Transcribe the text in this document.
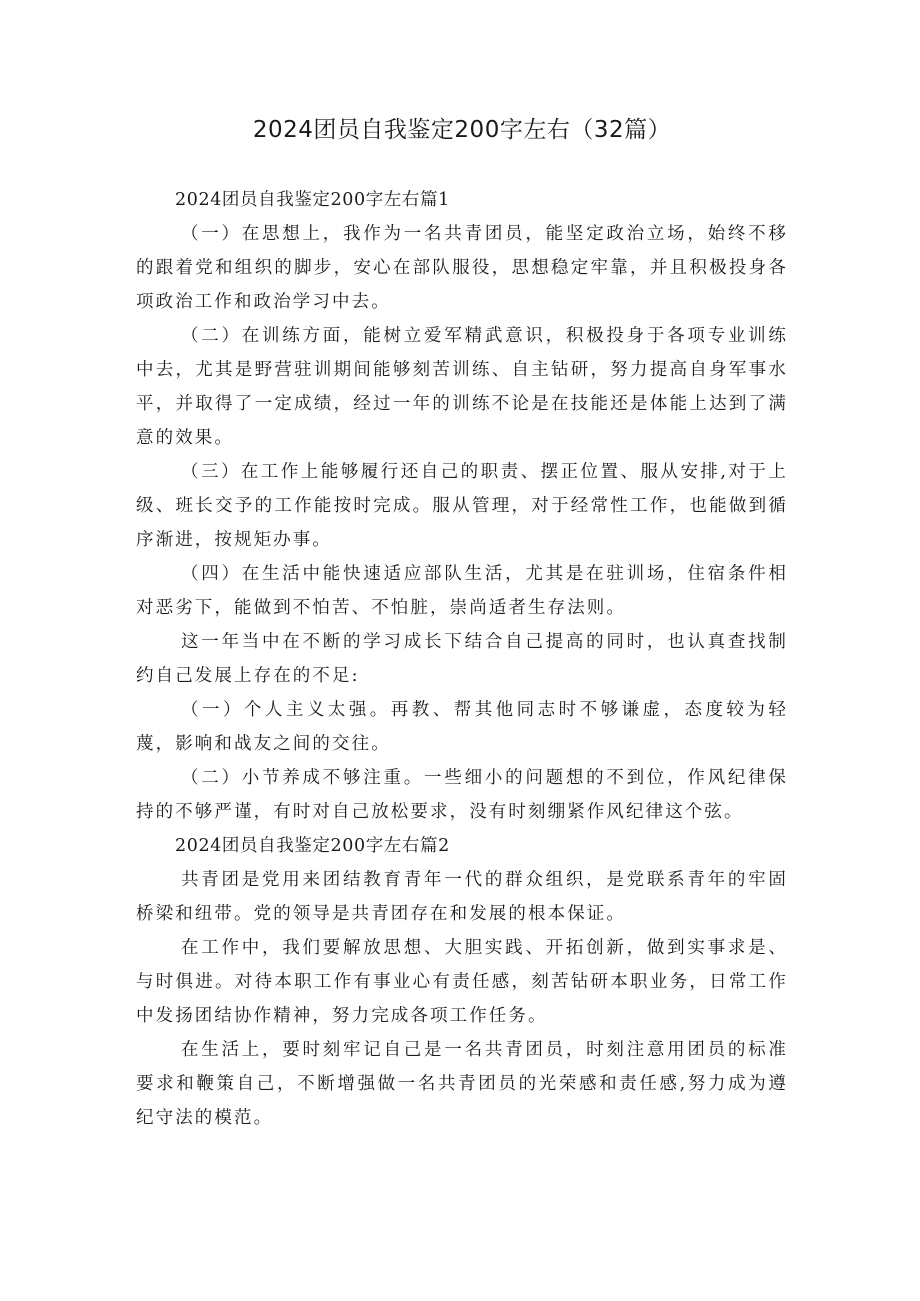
2024团员自我鉴定200字左右（32篇）

2024团员自我鉴定200字左右篇1

（一）在思想上，我作为一名共青团员，能坚定政治立场，始终不移的跟着党和组织的脚步，安心在部队服役，思想稳定牢靠，并且积极投身各项政治工作和政治学习中去。

（二）在训练方面，能树立爱军精武意识，积极投身于各项专业训练中去，尤其是野营驻训期间能够刻苦训练、自主钻研，努力提高自身军事水平，并取得了一定成绩，经过一年的训练不论是在技能还是体能上达到了满意的效果。

（三）在工作上能够履行还自己的职责、摆正位置、服从安排,对于上级、班长交予的工作能按时完成。服从管理，对于经常性工作，也能做到循序渐进，按规矩办事。

（四）在生活中能快速适应部队生活，尤其是在驻训场，住宿条件相对恶劣下，能做到不怕苦、不怕脏，崇尚适者生存法则。

这一年当中在不断的学习成长下结合自己提高的同时，也认真查找制约自己发展上存在的不足:

（一）个人主义太强。再教、帮其他同志时不够谦虚，态度较为轻蔑，影响和战友之间的交往。

（二）小节养成不够注重。一些细小的问题想的不到位，作风纪律保持的不够严谨，有时对自己放松要求，没有时刻绷紧作风纪律这个弦。

2024团员自我鉴定200字左右篇2

共青团是党用来团结教育青年一代的群众组织，是党联系青年的牢固桥梁和纽带。党的领导是共青团存在和发展的根本保证。

在工作中，我们要解放思想、大胆实践、开拓创新，做到实事求是、与时俱进。对待本职工作有事业心有责任感，刻苦钻研本职业务，日常工作中发扬团结协作精神，努力完成各项工作任务。

在生活上，要时刻牢记自己是一名共青团员，时刻注意用团员的标准要求和鞭策自己，不断增强做一名共青团员的光荣感和责任感,努力成为遵纪守法的模范。
